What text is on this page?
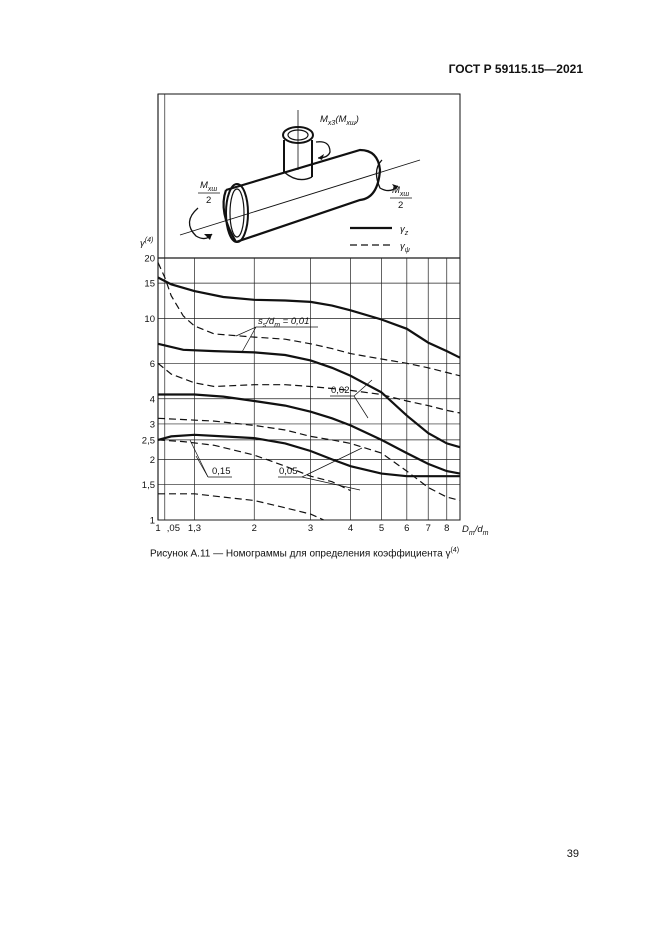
ГОСТ Р 59115.15—2021
$M_{x3}(M_{xш})$
$M_{xш}$
2
$M_{xш}$
2
$\gamma_z$
$\gamma_\psi$
$\gamma^{(4)}$
$D_m/d_m$
,05 1,3	2	3	4	5 6 7 8
1
1
1,5
2
2,5
3
4
6
10
15
20
$s_s/d_m = 0,01$
0,02
0,05
0,15
Рисунок А.11 — Номограммы для определения коэффициента $\gamma^{(4)}$
39
